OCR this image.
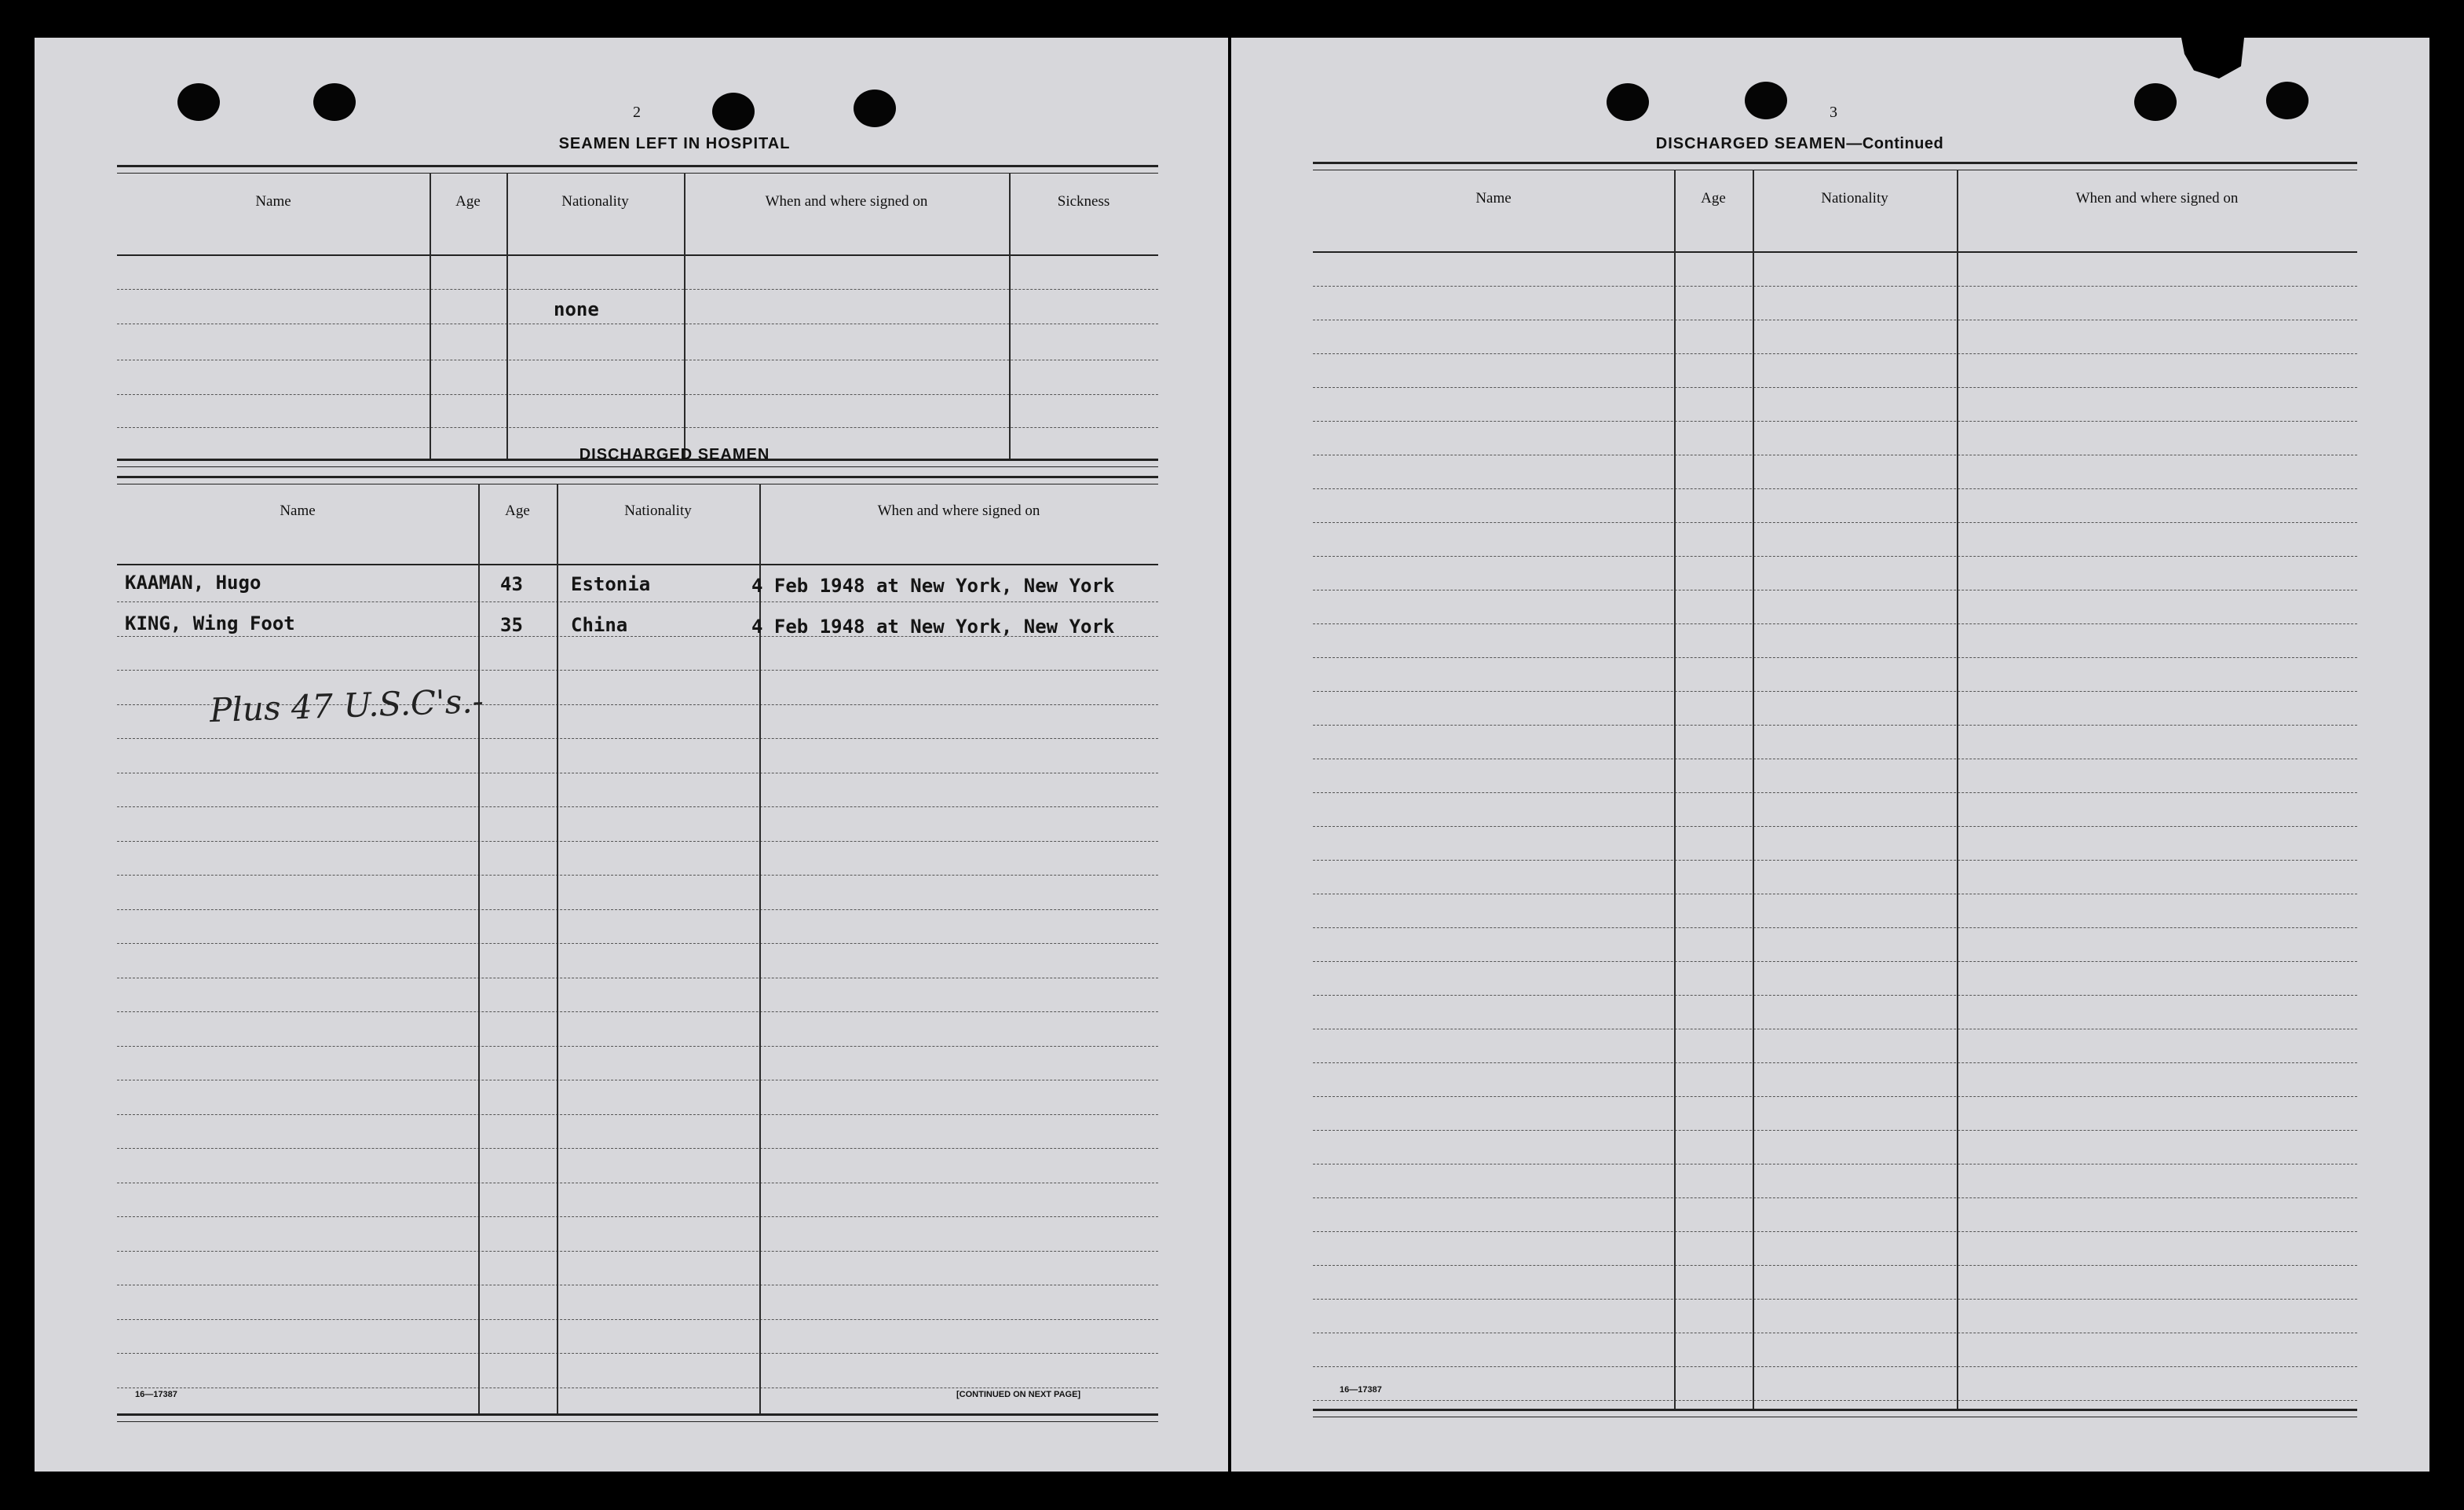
2
SEAMEN LEFT IN HOSPITAL
Name	Age	Nationality	When and where signed on	Sickness
none
DISCHARGED SEAMEN
Name	Age	Nationality	When and where signed on
KAAMAN, Hugo	43	Estonia	4 Feb 1948 at New York, New York
KING, Wing Foot	35	China	4 Feb 1948 at New York, New York
Plus 47 U.S.C's.-
16—17387	[CONTINUED ON NEXT PAGE]
3
DISCHARGED SEAMEN—Continued
Name	Age	Nationality	When and where signed on
16—17387
